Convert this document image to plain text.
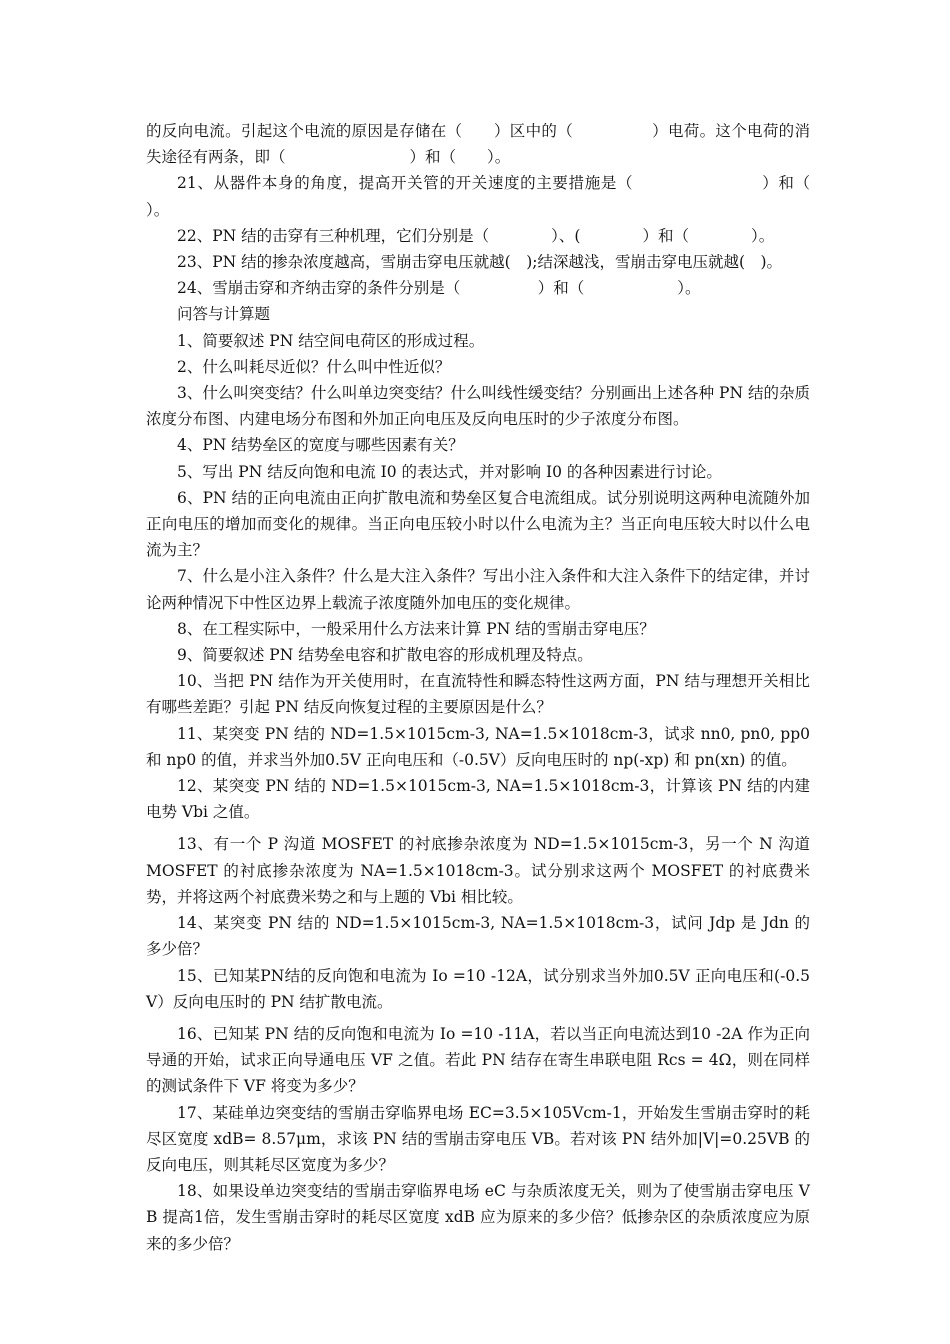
的反向电流。引起这个电流的原因是存储在（　　）区中的（　　　　　）电荷。这个电荷的消失途径有两条，即（　　　　　　　　）和（　　）。

21、从器件本身的角度，提高开关管的开关速度的主要措施是（　　　　　　　　）和（　　　　　　　　　）。

22、PN 结的击穿有三种机理，它们分别是（　　　　）、(　　　　）和（　　　　）。

23、PN 结的掺杂浓度越高，雪崩击穿电压就越(　);结深越浅，雪崩击穿电压就越(　)。

24、雪崩击穿和齐纳击穿的条件分别是（　　　　　）和（　　　　　　）。

问答与计算题

1、简要叙述 PN 结空间电荷区的形成过程。

2、什么叫耗尽近似？什么叫中性近似？

3、什么叫突变结？什么叫单边突变结？什么叫线性缓变结？分别画出上述各种 PN 结的杂质浓度分布图、内建电场分布图和外加正向电压及反向电压时的少子浓度分布图。

4、PN 结势垒区的宽度与哪些因素有关？

5、写出 PN 结反向饱和电流 I0 的表达式，并对影响 I0 的各种因素进行讨论。

6、PN 结的正向电流由正向扩散电流和势垒区复合电流组成。试分别说明这两种电流随外加正向电压的增加而变化的规律。当正向电压较小时以什么电流为主？当正向电压较大时以什么电流为主？

7、什么是小注入条件？什么是大注入条件？写出小注入条件和大注入条件下的结定律，并讨论两种情况下中性区边界上载流子浓度随外加电压的变化规律。

8、在工程实际中，一般采用什么方法来计算 PN 结的雪崩击穿电压？

9、简要叙述 PN 结势垒电容和扩散电容的形成机理及特点。

10、当把 PN 结作为开关使用时，在直流特性和瞬态特性这两方面，PN 结与理想开关相比有哪些差距？引起 PN 结反向恢复过程的主要原因是什么？

11、某突变 PN 结的 ND=1.5×1015cm-3, NA=1.5×1018cm-3，试求 nn0, pn0, pp0 和 np0 的值，并求当外加0.5V 正向电压和（-0.5V）反向电压时的 np(-xp) 和 pn(xn) 的值。

12、某突变 PN 结的 ND=1.5×1015cm-3, NA=1.5×1018cm-3，计算该 PN 结的内建电势 Vbi 之值。

13、有一个 P 沟道 MOSFET 的衬底掺杂浓度为 ND=1.5×1015cm-3，另一个 N 沟道 MOSFET 的衬底掺杂浓度为 NA=1.5×1018cm-3。试分别求这两个 MOSFET 的衬底费米势，并将这两个衬底费米势之和与上题的 Vbi 相比较。

14、某突变 PN 结的 ND=1.5×1015cm-3, NA=1.5×1018cm-3，试问 Jdp 是 Jdn 的多少倍？

15、已知某PN结的反向饱和电流为 Io =10 -12A，试分别求当外加0.5V 正向电压和(-0.5V）反向电压时的 PN 结扩散电流。

16、已知某 PN 结的反向饱和电流为 Io =10 -11A，若以当正向电流达到10 -2A 作为正向导通的开始，试求正向导通电压 VF 之值。若此 PN 结存在寄生串联电阻 Rcs = 4Ω，则在同样的测试条件下 VF 将变为多少？

17、某硅单边突变结的雪崩击穿临界电场 EC=3.5×105Vcm-1，开始发生雪崩击穿时的耗尽区宽度 xdB= 8.57μm，求该 PN 结的雪崩击穿电压 VB。若对该 PN 结外加|V|=0.25VB 的反向电压，则其耗尽区宽度为多少？

18、如果设单边突变结的雪崩击穿临界电场 eC 与杂质浓度无关，则为了使雪崩击穿电压 VB 提高1倍，发生雪崩击穿时的耗尽区宽度 xdB 应为原来的多少倍？低掺杂区的杂质浓度应为原来的多少倍？
